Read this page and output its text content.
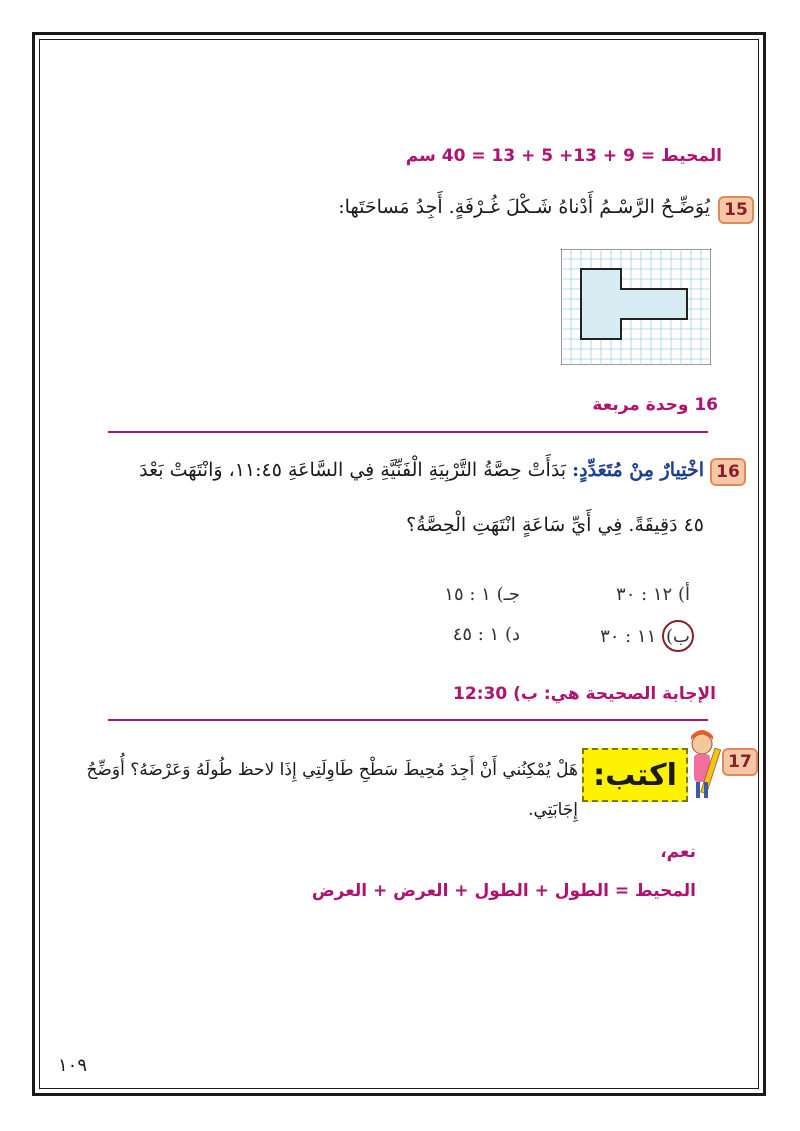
المحيط = 9 + 13+ 5 + 13 = 40 سم
15
يُوَضِّـحُ الرَّسْـمُ أَدْناهُ شَـكْلَ غُـرْفَةٍ. أَجِدُ مَساحَتَها:
16 وحدة مربعة
16
اخْتِيارٌ مِنْ مُتَعَدِّدٍ: بَدَأَتْ حِصَّةُ التَّرْبِيَةِ الْفَنِّيَّةِ فِي السَّاعَةِ ١١:٤٥، وَانْتَهَتْ بَعْدَ
٤٥ دَقِيقَةً. فِي أَيِّ سَاعَةٍ انْتَهَتِ الْحِصَّةُ؟
أ) ١٢ : ٣٠
جـ) ١ : ١٥
ب) ١١ : ٣٠
د) ١ : ٤٥
الإجابة الصحيحة هي: ب) 12:30
17
اكتب:
هَلْ يُمْكِنُني أَنْ أَجِدَ مُحِيطَ سَطْحِ طَاوِلَتِي إِذَا لاحظ طُولَهُ وَعَرْضَهُ؟ أُوَضِّحُ
إِجَابَتِي.
نعم،
المحيط = الطول + الطول + العرض + العرض
١٠٩
